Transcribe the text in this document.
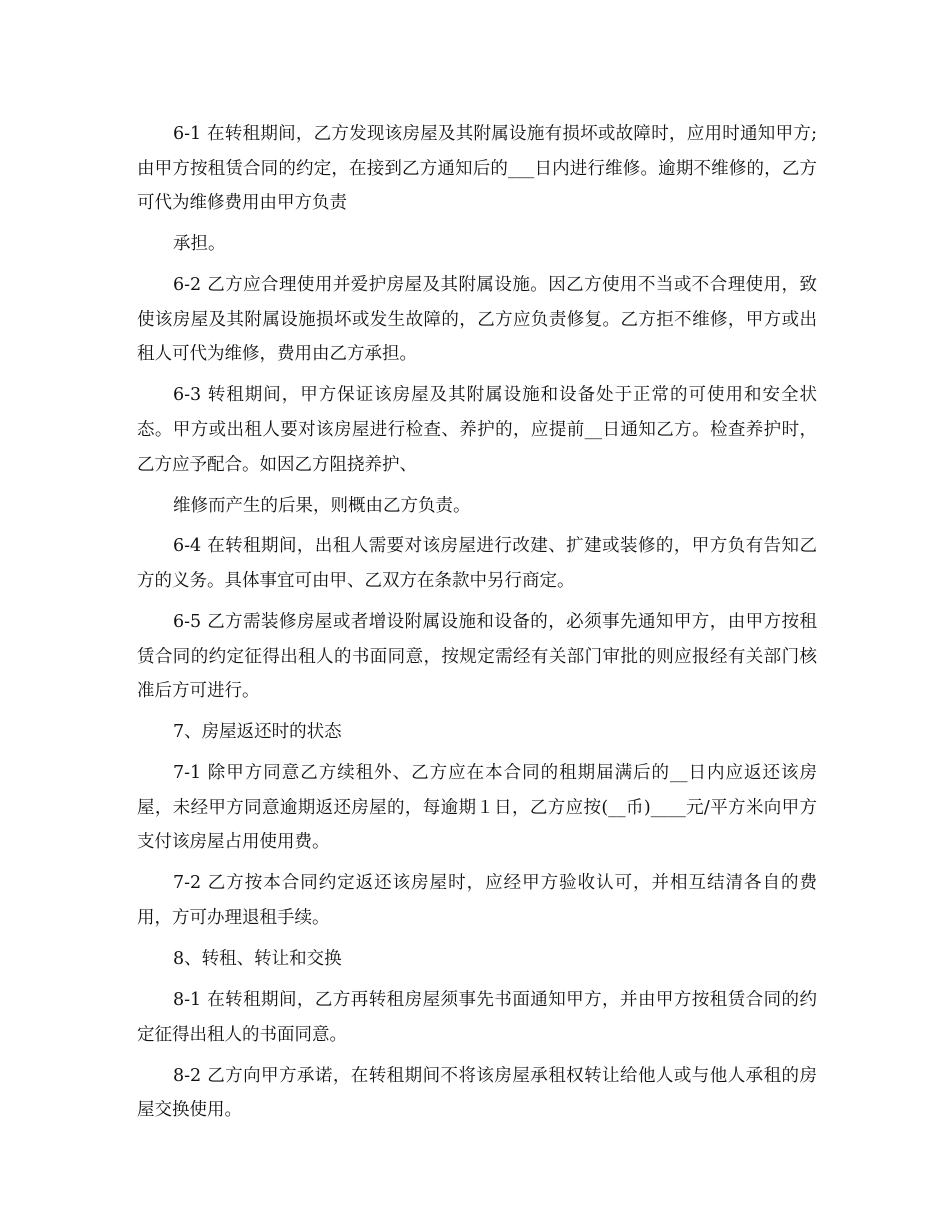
6-1 在转租期间，乙方发现该房屋及其附属设施有损坏或故障时，应用时通知甲方;由甲方按租赁合同的约定，在接到乙方通知后的___日内进行维修。逾期不维修的，乙方可代为维修费用由甲方负责

承担。

6-2 乙方应合理使用并爱护房屋及其附属设施。因乙方使用不当或不合理使用，致使该房屋及其附属设施损坏或发生故障的，乙方应负责修复。乙方拒不维修，甲方或出租人可代为维修，费用由乙方承担。

6-3 转租期间，甲方保证该房屋及其附属设施和设备处于正常的可使用和安全状态。甲方或出租人要对该房屋进行检查、养护的，应提前__日通知乙方。检查养护时，乙方应予配合。如因乙方阻挠养护、

维修而产生的后果，则概由乙方负责。

6-4 在转租期间，出租人需要对该房屋进行改建、扩建或装修的，甲方负有告知乙方的义务。具体事宜可由甲、乙双方在条款中另行商定。

6-5 乙方需装修房屋或者增设附属设施和设备的，必须事先通知甲方，由甲方按租赁合同的约定征得出租人的书面同意，按规定需经有关部门审批的则应报经有关部门核准后方可进行。

7、房屋返还时的状态

7-1 除甲方同意乙方续租外、乙方应在本合同的租期届满后的__日内应返还该房屋，未经甲方同意逾期返还房屋的，每逾期１日，乙方应按(__币)____元/平方米向甲方支付该房屋占用使用费。

7-2 乙方按本合同约定返还该房屋时，应经甲方验收认可，并相互结清各自的费用，方可办理退租手续。

8、转租、转让和交换

8-1 在转租期间，乙方再转租房屋须事先书面通知甲方，并由甲方按租赁合同的约定征得出租人的书面同意。

8-2 乙方向甲方承诺，在转租期间不将该房屋承租权转让给他人或与他人承租的房屋交换使用。
